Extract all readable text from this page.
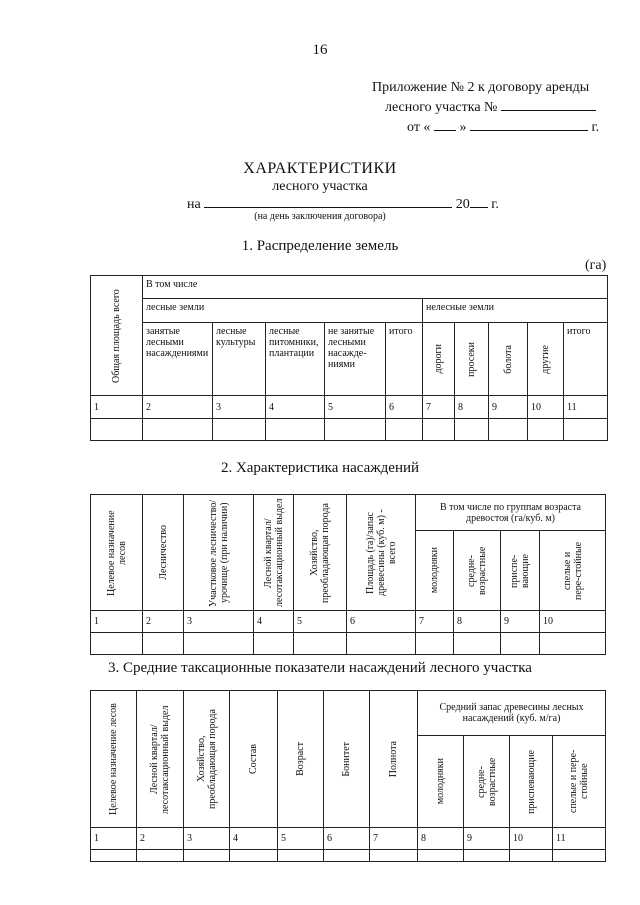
16
Приложение № 2 к договору аренды
лесного участка №
от « »	г.
ХАРАКТЕРИСТИКИ
лесного участка
на	20 г.
(на день заключения договора)
1. Распределение земель
(га)
Общая площадь всего	В том числе									
	лесные земли					нелесные земли				
	занятые лесными насаждениями	лесные культуры	лесные питомники, плантации	не занятые лесными насажде-ниями	итого	дороги	просеки	болота	другие	итого
1	2	3	4	5	6	7	8	9	10	11

2. Характеристика насаждений
Целевое назначение лесов	Лесничество	Участковое лесничество/ урочище (при наличии)	Лесной квартал/ лесотаксационный выдел	Хозяйство, преобладающая порода	Площадь (га)/запас древесины (куб. м) - всего	В том числе по группам возраста древостоя (га/куб. м)			

						молодняки	средне-возрастные	приспе-вающие	спелые и пере-стойные

1	2	3	4	5	6	7	8	9	10

3. Средние таксационные показатели насаждений лесного участка
Целевое назначение лесов	Лесной квартал/ лесотаксационный выдел	Хозяйство, преобладающая порода	Состав	Возраст	Бонитет	Полнота	Средний запас древесины лесных насаждений (куб. м/га)			

							молодняки	средне-возрастные	приспевающие	спелые и пере-стойные

1	2	3	4	5	6	7	8	9	10	11
